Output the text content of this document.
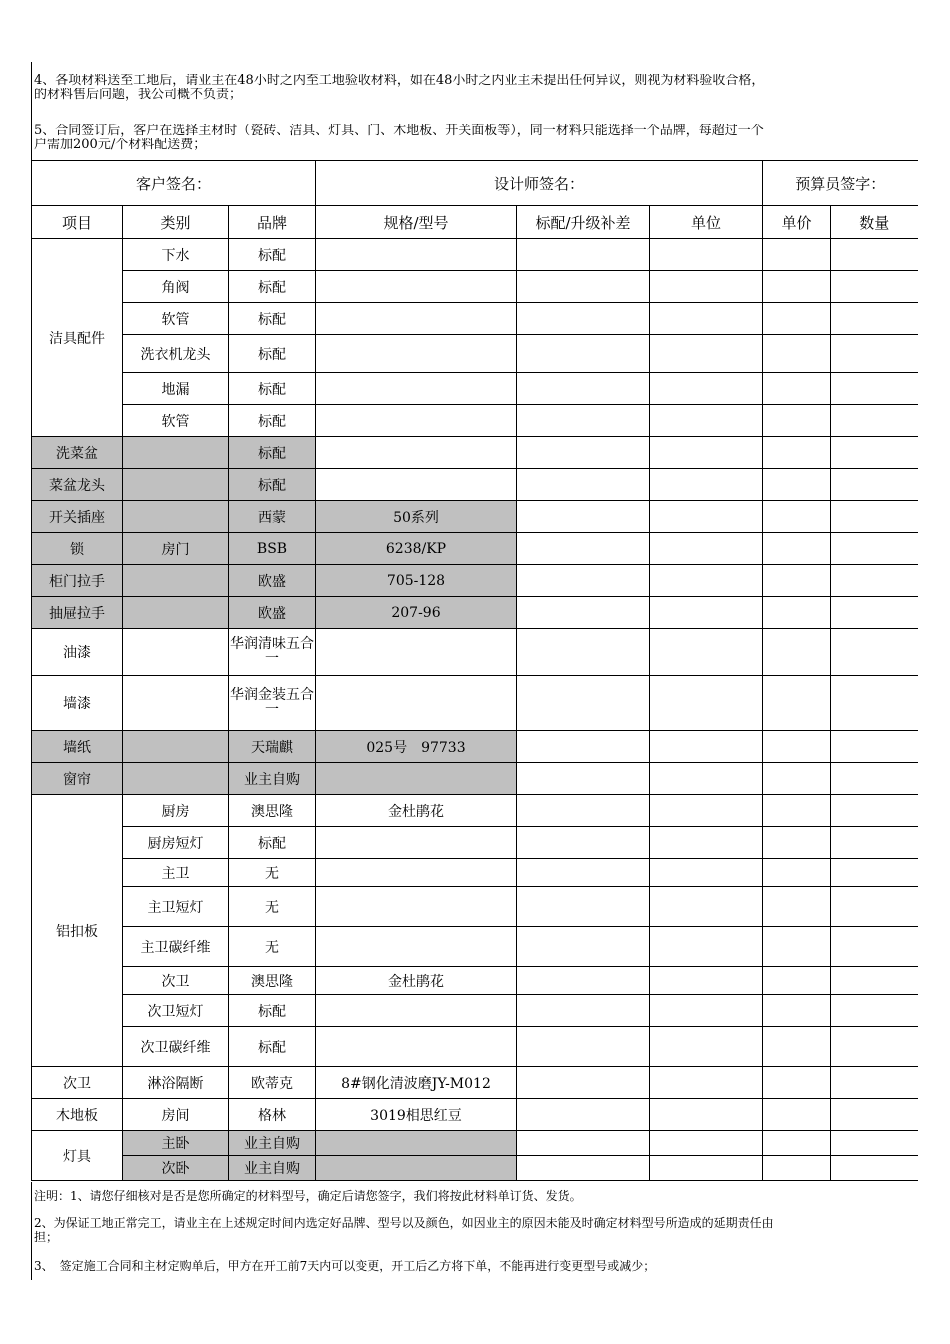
4、各项材料送至工地后，请业主在48小时之内至工地验收材料，如在48小时之内业主未提出任何异议，则视为材料验收合格，
的材料售后问题，我公司概不负责；
5、合同签订后，客户在选择主材时（瓷砖、洁具、灯具、门、木地板、开关面板等），同一材料只能选择一个品牌，每超过一个
户需加200元/个材料配送费；
客户签名：			设计师签名：			预算员签字：	
项目	类别	品牌	规格/型号	标配/升级补差	单位	单价	数量
洁具配件	下水	标配					
	角阀	标配					
	软管	标配					
	洗衣机龙头	标配					
	地漏	标配					
	软管	标配					
洗菜盆		标配					
菜盆龙头		标配					
开关插座		西蒙	50系列				
锁	房门	BSB	6238/KP				
柜门拉手		欧盛	705-128				
抽屉拉手		欧盛	207-96				
油漆		华润清味五合一					
墙漆		华润金装五合一					
墙纸		天瑞麒	025号　97733				
窗帘		业主自购					
铝扣板	厨房	澳思隆	金杜鹃花				
	厨房短灯	标配					
	主卫	无					
	主卫短灯	无					
	主卫碳纤维	无					
	次卫	澳思隆	金杜鹃花				
	次卫短灯	标配					
	次卫碳纤维	标配					
次卫	淋浴隔断	欧蒂克	8#钢化清波磨JY-M012				
木地板	房间	格林	3019相思红豆				
灯具	主卧	业主自购					
	次卧	业主自购					
注明：1、请您仔细核对是否是您所确定的材料型号，确定后请您签字，我们将按此材料单订货、发货。
2、为保证工地正常完工，请业主在上述规定时间内选定好品牌、型号以及颜色，如因业主的原因未能及时确定材料型号所造成的延期责任由
担；
3、　签定施工合同和主材定购单后，甲方在开工前7天内可以变更，开工后乙方将下单，不能再进行变更型号或减少；
